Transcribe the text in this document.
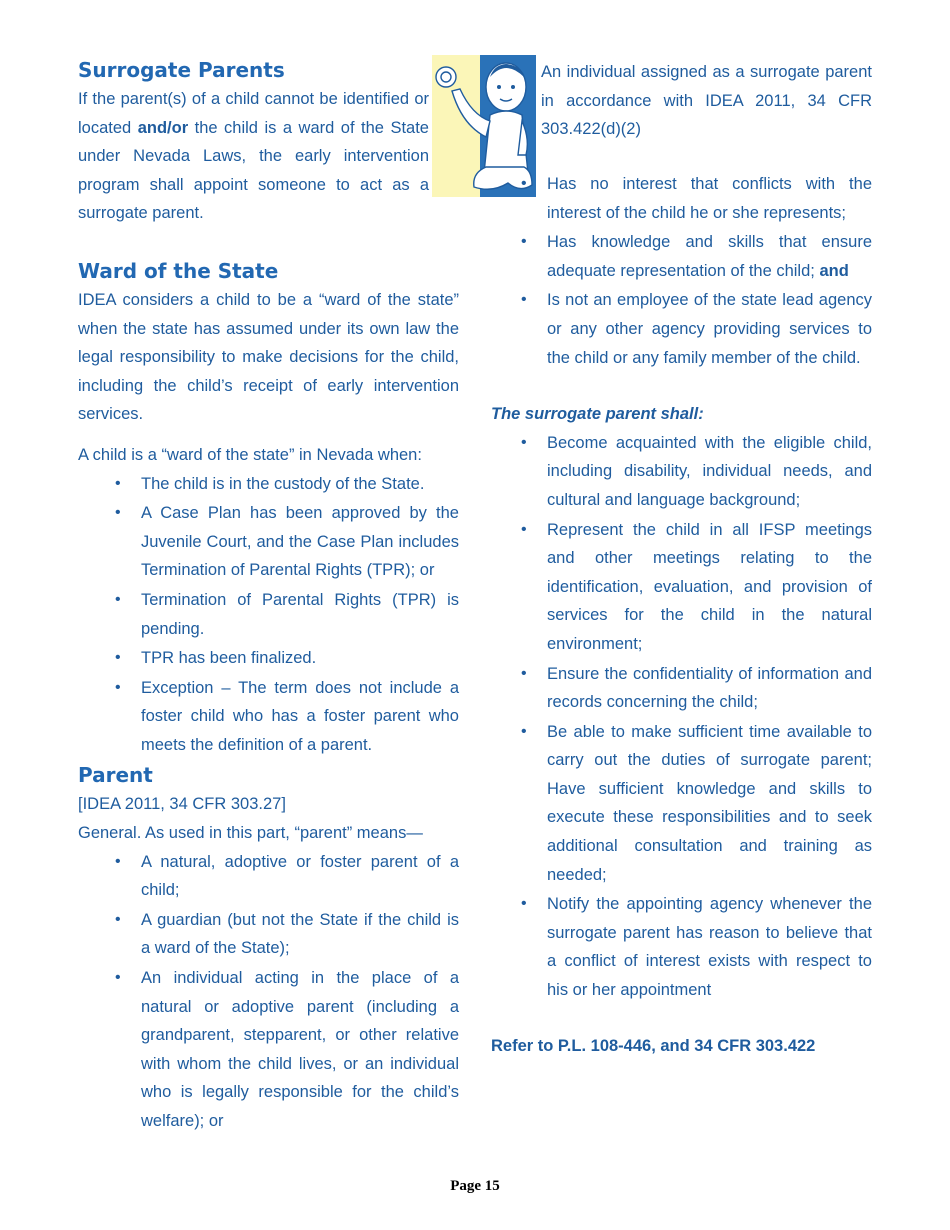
Surrogate Parents

If the parent(s) of a child cannot be identified or located and/or the child is a ward of the State under Nevada Laws, the early intervention program shall appoint someone to act as a surrogate parent.

Ward of the State

IDEA considers a child to be a “ward of the state” when the state has assumed under its own law the legal responsibility to make decisions for the child, including the child’s receipt of early intervention services.

A child is a “ward of the state” in Nevada when:

• The child is in the custody of the State.
• A Case Plan has been approved by the Juvenile Court, and the Case Plan includes Termination of Parental Rights (TPR); or
• Termination of Parental Rights (TPR) is pending.
• TPR has been finalized.
• Exception – The term does not include a foster child who has a foster parent who meets the definition of a parent.
Parent

[IDEA 2011, 34 CFR 303.27]

General. As used in this part, “parent” means—

• A natural, adoptive or foster parent of a child;
• A guardian (but not the State if the child is a ward of the State);
• An individual acting in the place of a natural or adoptive parent (including a grandparent, stepparent, or other relative with whom the child lives, or an individual who is legally responsible for the child’s welfare); or

An individual assigned as a surrogate parent in accordance with IDEA 2011, 34 CFR 303.422(d)(2)

• Has no interest that conflicts with the interest of the child he or she represents;
• Has knowledge and skills that ensure adequate representation of the child; and
• Is not an employee of the state lead agency or any other agency providing services to the child or any family member of the child.
The surrogate parent shall:
• Become acquainted with the eligible child, including disability, individual needs, and cultural and language background;
• Represent the child in all IFSP meetings and other meetings relating to the identification, evaluation, and provision of services for the child in the natural environment;
• Ensure the confidentiality of information and records concerning the child;
• Be able to make sufficient time available to carry out the duties of surrogate parent; Have sufficient knowledge and skills to execute these responsibilities and to seek additional consultation and training as needed;
• Notify the appointing agency whenever the surrogate parent has reason to believe that a conflict of interest exists with respect to his or her appointment
Refer to P.L. 108-446, and 34 CFR 303.422
Page 15
